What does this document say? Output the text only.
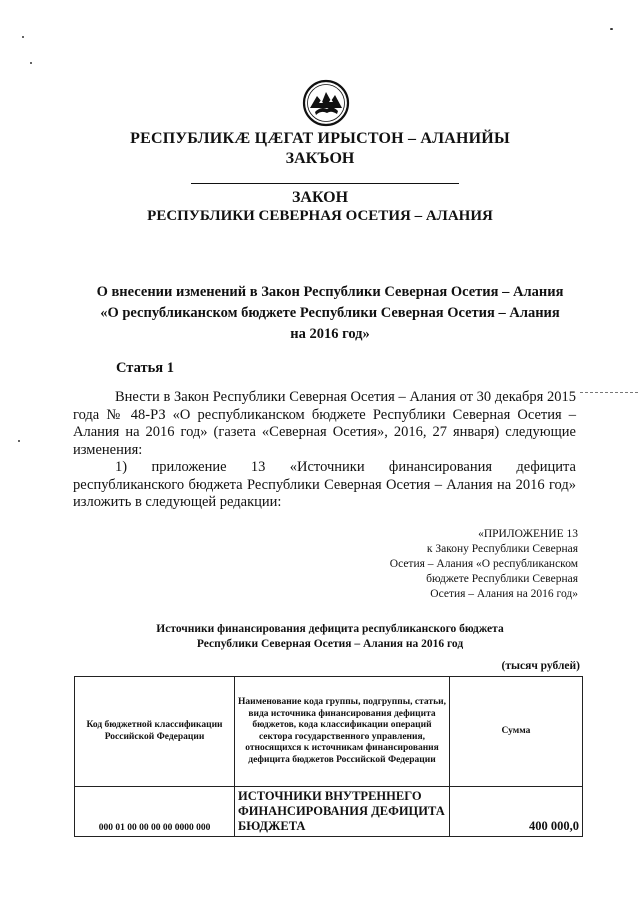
РЕСПУБЛИКÆ ЦÆГАТ ИРЫСТОН – АЛАНИЙЫ
ЗАКЪОН
ЗАКОН
РЕСПУБЛИКИ СЕВЕРНАЯ ОСЕТИЯ – АЛАНИЯ
О внесении изменений в Закон Республики Северная Осетия – Алания
«О республиканском бюджете Республики Северная Осетия – Алания
на 2016 год»
Статья 1

Внести в Закон Республики Северная Осетия – Алания от 30 декабря 2015 года № 48-РЗ «О республиканском бюджете Республики Северная Осетия – Алания на 2016 год» (газета «Северная Осетия», 2016, 27 января) следующие изменения:

1) приложение 13 «Источники финансирования дефицита республиканского бюджета Республики Северная Осетия – Алания на 2016 год» изложить в следующей редакции:

«ПРИЛОЖЕНИЕ 13
к Закону Республики Северная
Осетия – Алания «О республиканском
бюджете Республики Северная
Осетия – Алания на 2016 год»
Источники финансирования дефицита республиканского бюджета
Республики Северная Осетия – Алания на 2016 год
(тысяч рублей)
Код бюджетной классификации Российской Федерации	Наименование кода группы, подгруппы, статьи, вида источника финансирования дефицита бюджетов, кода классификации операций сектора государственного управления, относящихся к источникам финансирования дефицита бюджетов Российской Федерации	Сумма
000 01 00 00 00 00 0000 000	ИСТОЧНИКИ ВНУТРЕННЕГО ФИНАНСИРОВАНИЯ ДЕФИЦИТА БЮДЖЕТА	400 000,0
